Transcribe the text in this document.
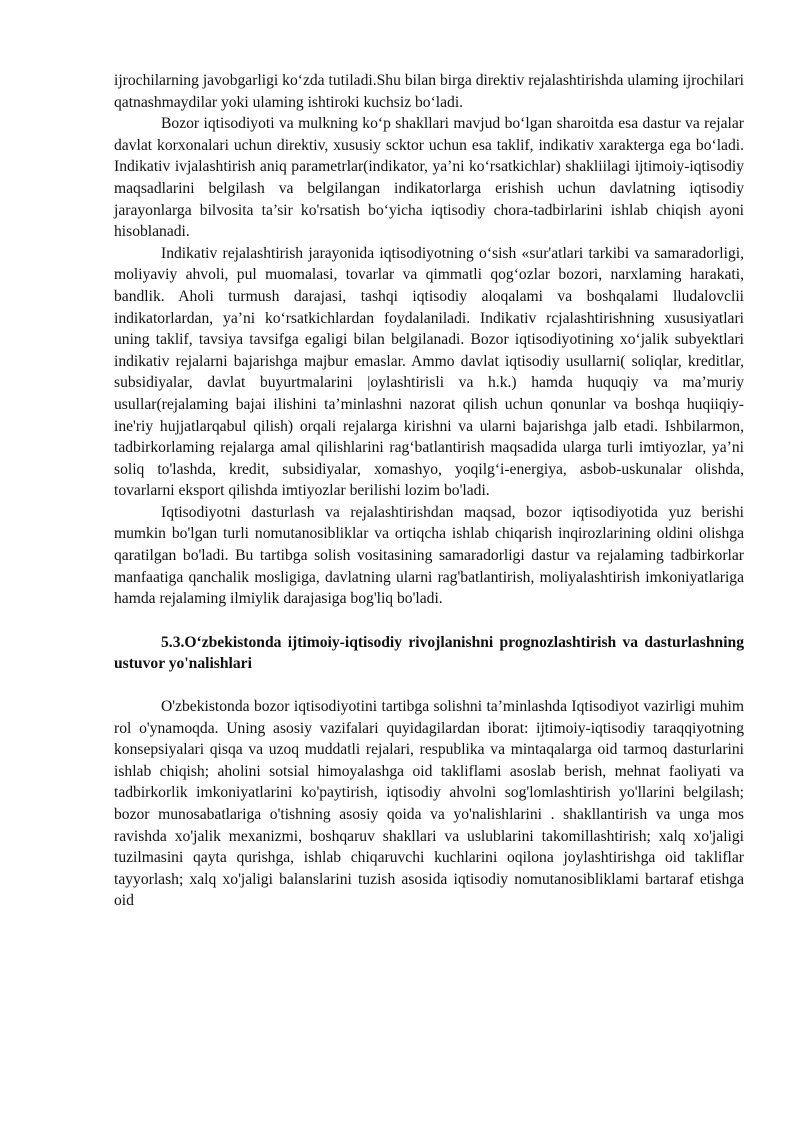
ijrochilarning javobgarligi ko‘zda tutiladi.Shu bilan birga direktiv rejalashtirishda ulaming ijrochilari qatnashmaydilar yoki ulaming ishtiroki kuchsiz bo‘ladi.

Bozor iqtisodiyoti va mulkning ko‘p shakllari mavjud bo‘lgan sharoitda esa dastur va rejalar davlat korxonalari uchun direktiv, xususiy scktor uchun esa taklif, indikativ xarakterga ega bo‘ladi. Indikativ ivjalashtirish aniq parametrlar(indikator, ya’ni ko‘rsatkichlar) shakliilagi ijtimoiy-iqtisodiy maqsadlarini belgilash va belgilangan indikatorlarga erishish uchun davlatning iqtisodiy jarayonlarga bilvosita ta’sir ko'rsatish bo‘yicha iqtisodiy chora-tadbirlarini ishlab chiqish ayoni hisoblanadi.

Indikativ rejalashtirish jarayonida iqtisodiyotning o‘sish «sur'atlari tarkibi va samaradorligi, moliyaviy ahvoli, pul muomalasi, tovarlar va qimmatli qog‘ozlar bozori, narxlaming harakati, bandlik. Aholi turmush darajasi, tashqi iqtisodiy aloqalami va boshqalami lludalovclii indikatorlardan, ya’ni ko‘rsatkichlardan foydalaniladi. Indikativ rcjalashtirishning xususiyatlari uning taklif, tavsiya tavsifga egaligi bilan belgilanadi. Bozor iqtisodiyotining xo‘jalik subyektlari indikativ rejalarni bajarishga majbur emaslar. Ammo davlat iqtisodiy usullarni( soliqlar, kreditlar, subsidiyalar, davlat buyurtmalarini |oylashtirisli va h.k.) hamda huquqiy va ma’muriy usullar(rejalaming bajai ilishini ta’minlashni nazorat qilish uchun qonunlar va boshqa huqiiqiy-ine'riy hujjatlarqabul qilish) orqali rejalarga kirishni va ularni bajarishga jalb etadi. Ishbilarmon, tadbirkorlaming rejalarga amal qilishlarini rag‘batlantirish maqsadida ularga turli imtiyozlar, ya’ni soliq to'lashda, kredit, subsidiyalar, xomashyo, yoqilg‘i-energiya, asbob-uskunalar olishda, tovarlarni eksport qilishda imtiyozlar berilishi lozim bo'ladi.

Iqtisodiyotni dasturlash va rejalashtirishdan maqsad, bozor iqtisodiyotida yuz berishi mumkin bo'lgan turli nomutanosibliklar va ortiqcha ishlab chiqarish inqirozlarining oldini olishga qaratilgan bo'ladi. Bu tartibga solish vositasining samaradorligi dastur va rejalaming tadbirkorlar manfaatiga qanchalik mosligiga, davlatning ularni rag'batlantirish, moliyalashtirish imkoniyatlariga hamda rejalaming ilmiylik darajasiga bog'liq bo'ladi.

5.3.O‘zbekistonda ijtimoiy-iqtisodiy rivojlanishni prognozlashtirish va dasturlashning ustuvor yo'nalishlari

O'zbekistonda bozor iqtisodiyotini tartibga solishni ta’minlashda Iqtisodiyot vazirligi muhim rol o'ynamoqda. Uning asosiy vazifalari quyidagilardan iborat: ijtimoiy-iqtisodiy taraqqiyotning konsepsiyalari qisqa va uzoq muddatli rejalari, respublika va mintaqalarga oid tarmoq dasturlarini ishlab chiqish; aholini sotsial himoyalashga oid takliflami asoslab berish, mehnat faoliyati va tadbirkorlik imkoniyatlarini ko'paytirish, iqtisodiy ahvolni sog'lomlashtirish yo'llarini belgilash; bozor munosabatlariga o'tishning asosiy qoida va yo'nalishlarini . shakllantirish va unga mos ravishda xo'jalik mexanizmi, boshqaruv shakllari va uslublarini takomillashtirish; xalq xo'jaligi tuzilmasini qayta qurishga, ishlab chiqaruvchi kuchlarini oqilona joylashtirishga oid takliflar tayyorlash; xalq xo'jaligi balanslarini tuzish asosida iqtisodiy nomutanosibliklami bartaraf etishga oid
